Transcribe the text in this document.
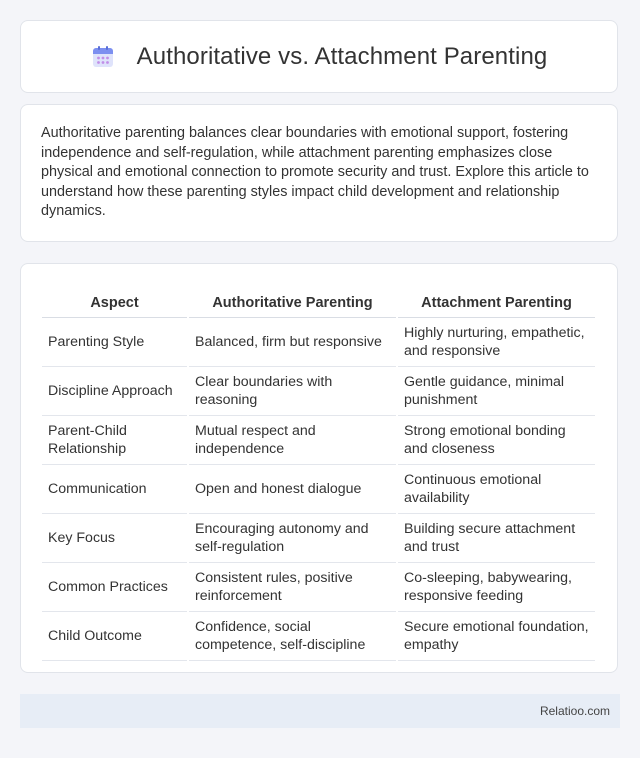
Authoritative vs. Attachment Parenting

Authoritative parenting balances clear boundaries with emotional support, fostering independence and self-regulation, while attachment parenting emphasizes close physical and emotional connection to promote security and trust. Explore this article to understand how these parenting styles impact child development and relationship dynamics.

Aspect	Authoritative Parenting	Attachment Parenting
Parenting Style	Balanced, firm but responsive	Highly nurturing, empathetic, and responsive
Discipline Approach	Clear boundaries with reasoning	Gentle guidance, minimal punishment
Parent-Child Relationship	Mutual respect and independence	Strong emotional bonding and closeness
Communication	Open and honest dialogue	Continuous emotional availability
Key Focus	Encouraging autonomy and self-regulation	Building secure attachment and trust
Common Practices	Consistent rules, positive reinforcement	Co-sleeping, babywearing, responsive feeding
Child Outcome	Confidence, social competence, self-discipline	Secure emotional foundation, empathy
Relatioo.com
